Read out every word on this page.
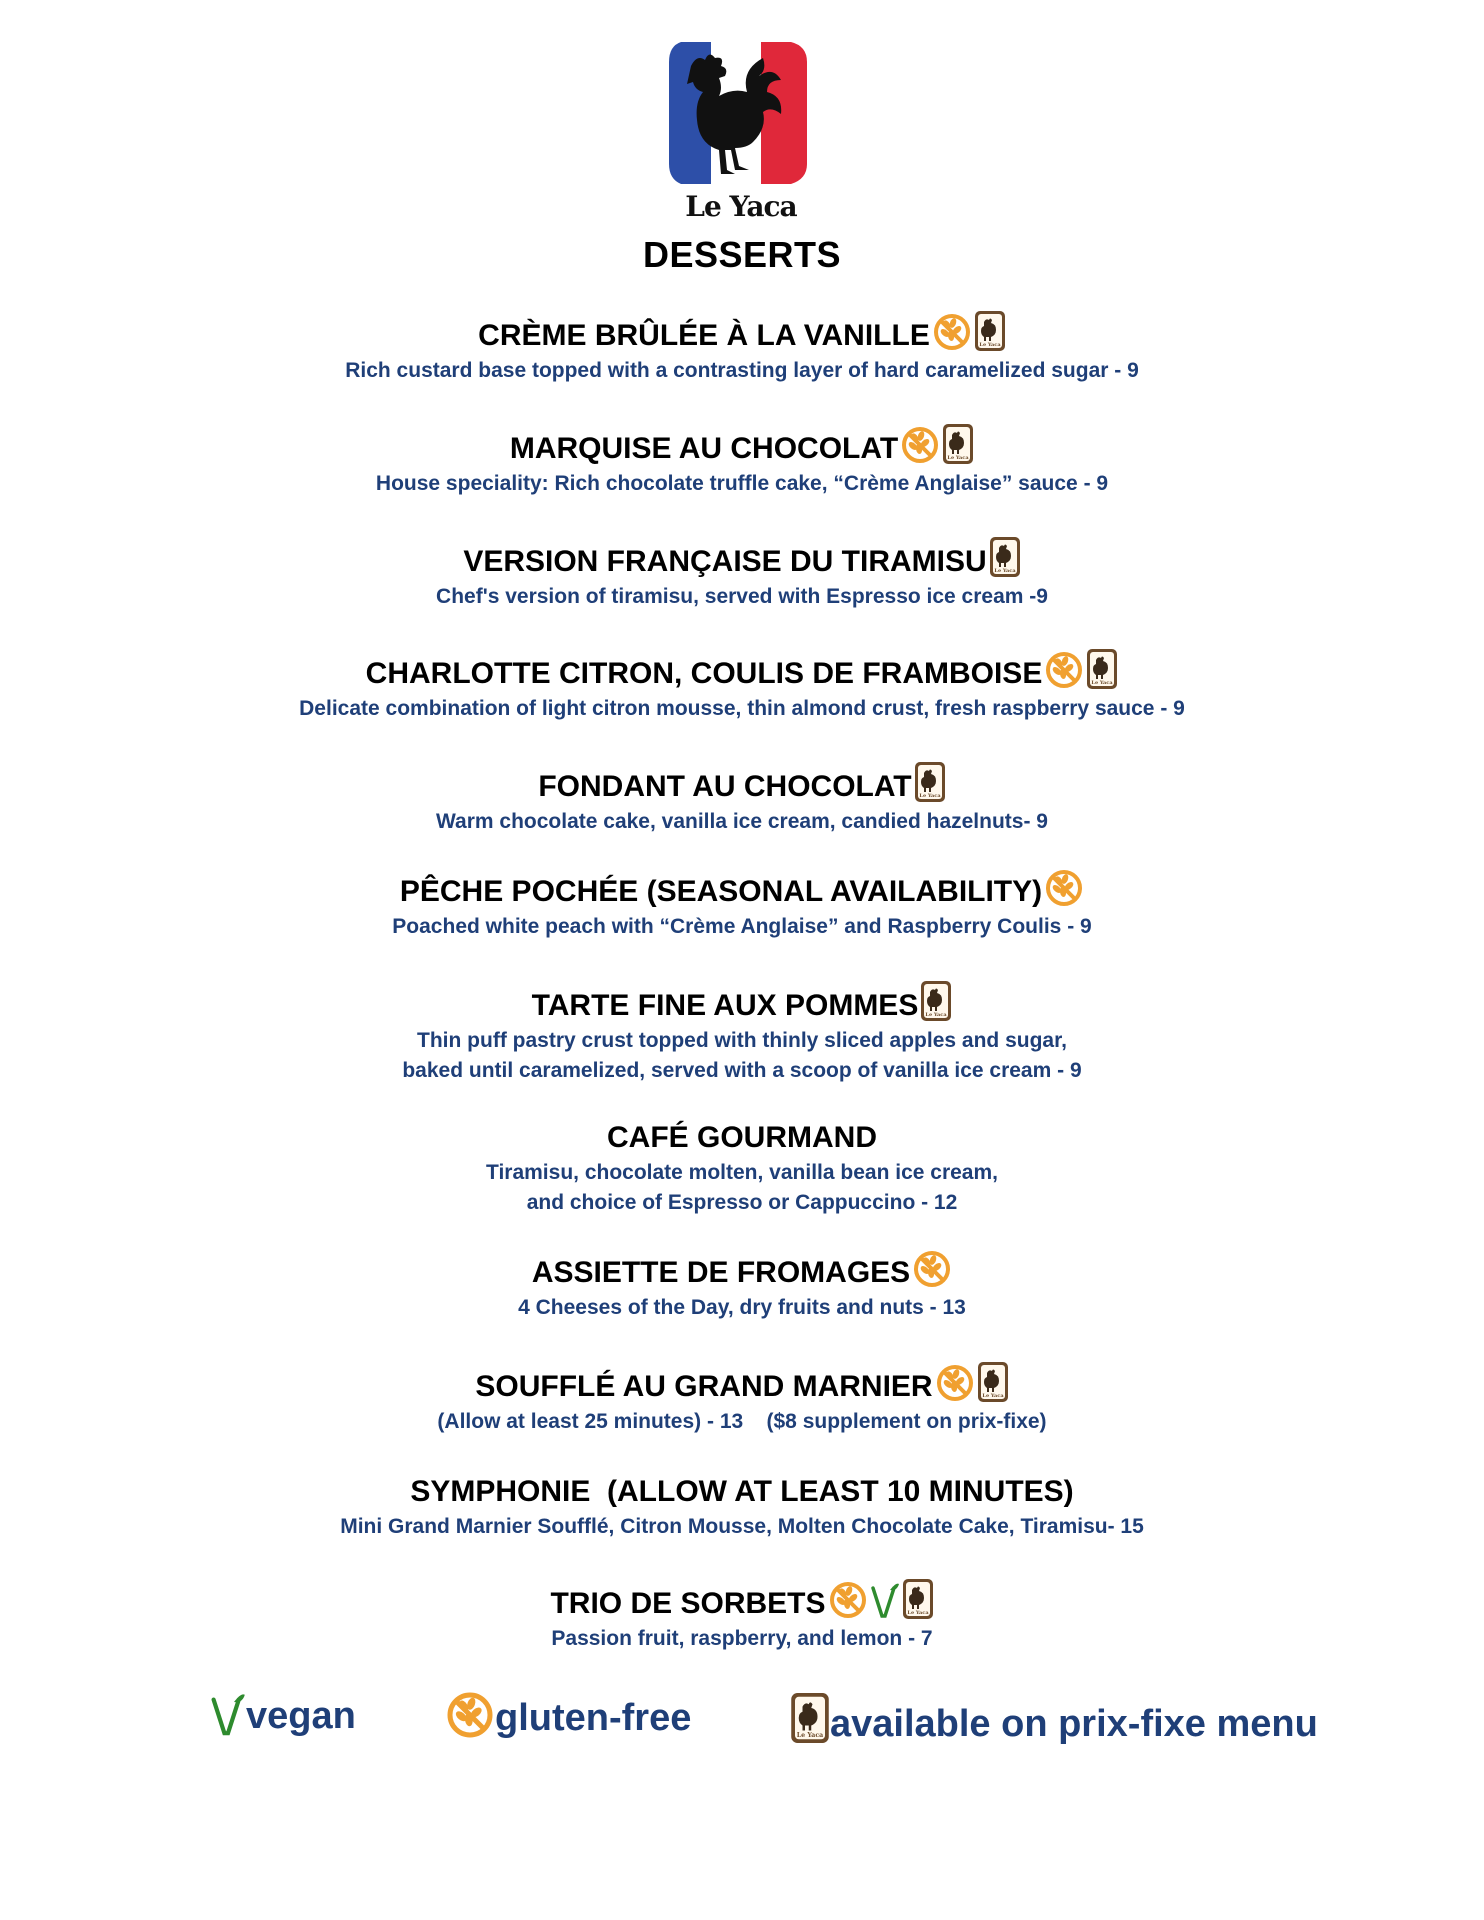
Le Yaca
DESSERTS
CRÈME BRÛLÉE À LA VANILLE
Rich custard base topped with a contrasting layer of hard caramelized sugar - 9
MARQUISE AU CHOCOLAT
House speciality: Rich chocolate truffle cake, “Crème Anglaise” sauce - 9
VERSION FRANÇAISE DU TIRAMISU
Chef's version of tiramisu, served with Espresso ice cream -9
CHARLOTTE CITRON, COULIS DE FRAMBOISE
Delicate combination of light citron mousse, thin almond crust, fresh raspberry sauce - 9
FONDANT AU CHOCOLAT
Warm chocolate cake, vanilla ice cream, candied hazelnuts- 9
PÊCHE POCHÉE (SEASONAL AVAILABILITY)
Poached white peach with “Crème Anglaise” and Raspberry Coulis - 9
TARTE FINE AUX POMMES
Thin puff pastry crust topped with thinly sliced apples and sugar,
baked until caramelized, served with a scoop of vanilla ice cream - 9
CAFÉ GOURMAND
Tiramisu, chocolate molten, vanilla bean ice cream,
and choice of Espresso or Cappuccino - 12
ASSIETTE DE FROMAGES
4 Cheeses of the Day, dry fruits and nuts - 13
SOUFFLÉ AU GRAND MARNIER
(Allow at least 25 minutes) - 13    ($8 supplement on prix-fixe)
SYMPHONIE  (ALLOW AT LEAST 10 MINUTES)
Mini Grand Marnier Soufflé, Citron Mousse, Molten Chocolate Cake, Tiramisu- 15
TRIO DE SORBETS
Passion fruit, raspberry, and lemon - 7
vegan	gluten-free	available on prix-fixe menu
